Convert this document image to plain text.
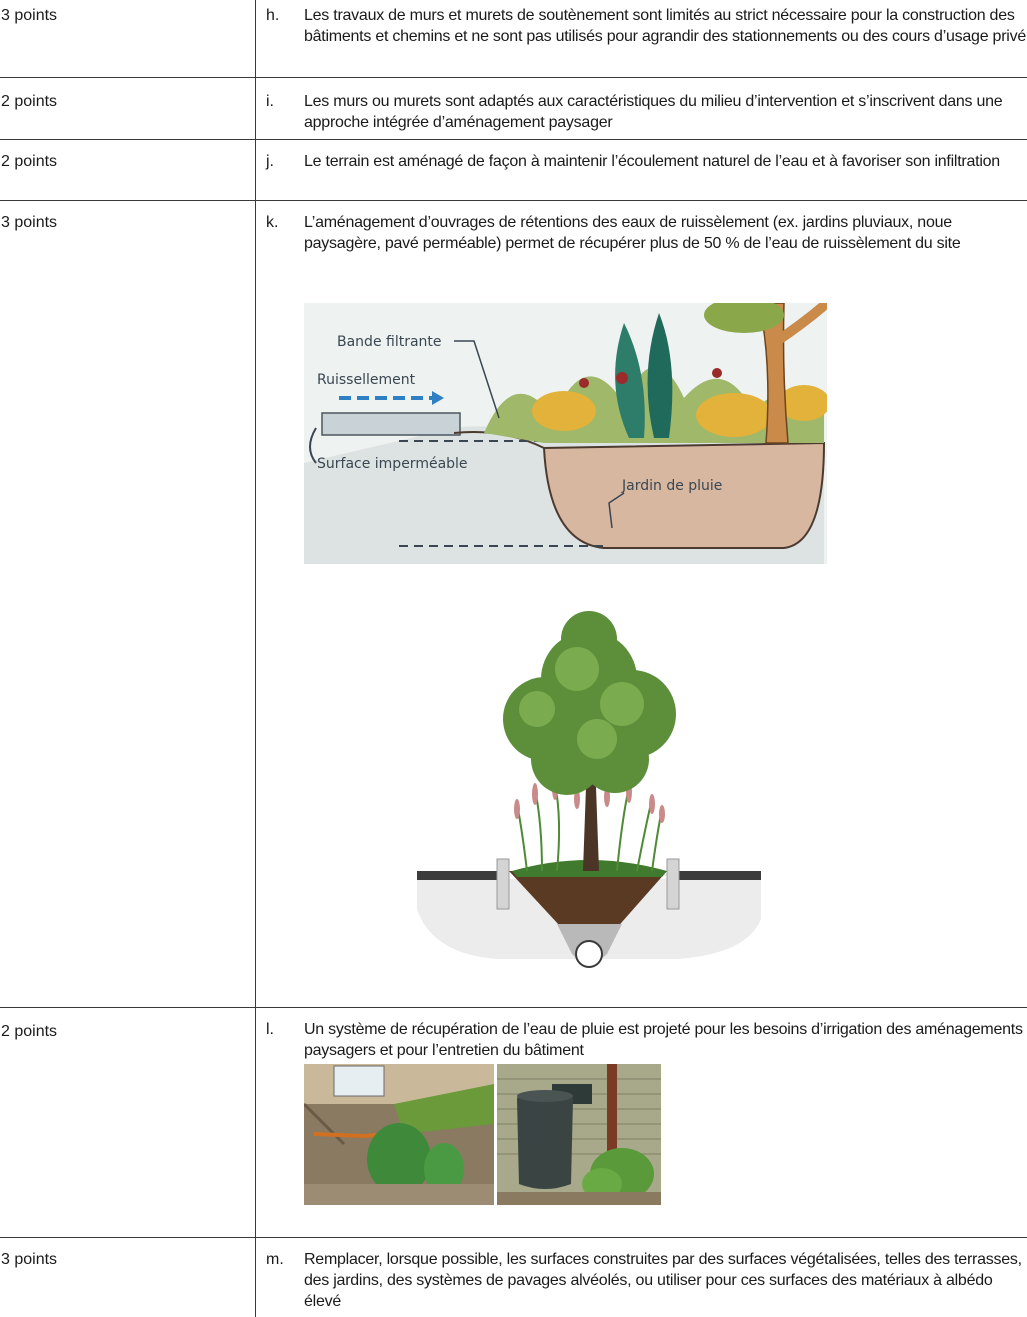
3 points	h. Les travaux de murs et murets de soutènement sont limités au strict nécessaire pour la construction des bâtiments et chemins et ne sont pas utilisés pour agrandir des stationnements ou des cours d’usage privé
2 points	i. Les murs ou murets sont adaptés aux caractéristiques du milieu d’intervention et s’inscrivent dans une approche intégrée d’aménagement paysager
2 points	j. Le terrain est aménagé de façon à maintenir l’écoulement naturel de l’eau et à favoriser son infiltration
3 points	k. L’aménagement d’ouvrages de rétentions des eaux de ruissèlement (ex. jardins pluviaux, noue paysagère, pavé perméable) permet de récupérer plus de 50 % de l’eau de ruissèlement du site
Bande filtrante
Ruissellement
Surface imperméable
Jardin de pluie
2 points	l. Un système de récupération de l’eau de pluie est projeté pour les besoins d’irrigation des aménagements paysagers et pour l’entretien du bâtiment
3 points	m. Remplacer, lorsque possible, les surfaces construites par des surfaces végétalisées, telles des terrasses, des jardins, des systèmes de pavages alvéolés, ou utiliser pour ces surfaces des matériaux à albédo élevé
